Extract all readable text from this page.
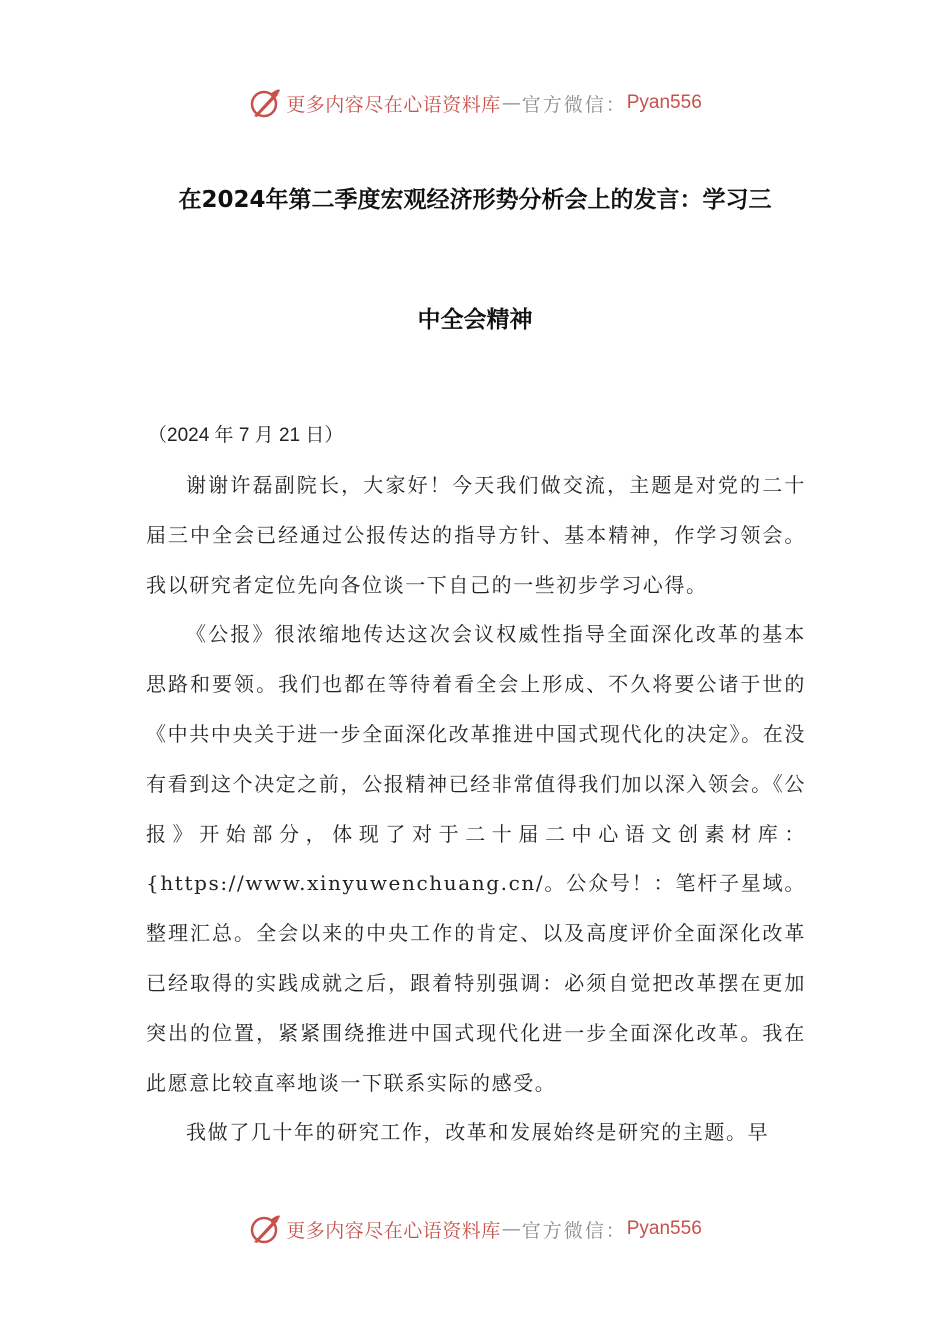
更多内容尽在心语资料库 — 官方微信： Pyan556
在2024年第二季度宏观经济形势分析会上的发言：学习三
中全会精神
（2024 年 7 月 21 日）

谢谢许磊副院长，大家好！今天我们做交流，主题是对党的二十届三中全会已经通过公报传达的指导方针、基本精神，作学习领会。我以研究者定位先向各位谈一下自己的一些初步学习心得。

《公报》很浓缩地传达这次会议权威性指导全面深化改革的基本思路和要领。我们也都在等待着看全会上形成、不久将要公诸于世的《中共中央关于进一步全面深化改革推进中国式现代化的决定》。在没有看到这个决定之前，公报精神已经非常值得我们加以深入领会。《公报》开始部分，体现了对于二十届二中心语文创素材库：{https://www.xinyuwenchuang.cn/。公众号！：笔杆子星域。整理汇总。全会以来的中央工作的肯定、以及高度评价全面深化改革已经取得的实践成就之后，跟着特别强调：必须自觉把改革摆在更加突出的位置，紧紧围绕推进中国式现代化进一步全面深化改革。我在此愿意比较直率地谈一下联系实际的感受。

我做了几十年的研究工作，改革和发展始终是研究的主题。早

更多内容尽在心语资料库 — 官方微信： Pyan556
